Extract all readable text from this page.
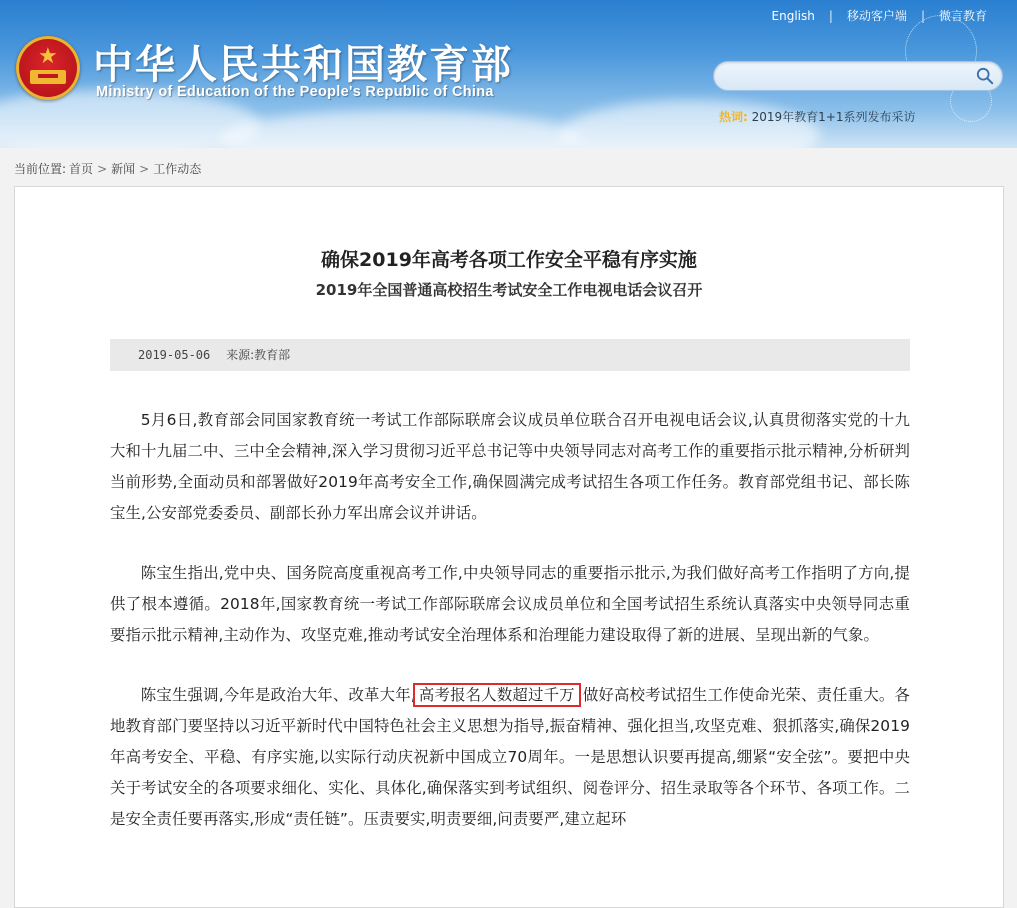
★ 中华人民共和国教育部
Ministry of Education of the People's Republic of China
English | 移动客户端 | 微言教育
热词: 2019年教育1+1系列发布采访
当前位置: 首页 > 新闻 > 工作动态
确保2019年高考各项工作安全平稳有序实施
2019年全国普通高校招生考试安全工作电视电话会议召开
2019-05-06 来源:教育部

5月6日,教育部会同国家教育统一考试工作部际联席会议成员单位联合召开电视电话会议,认真贯彻落实党的十九大和十九届二中、三中全会精神,深入学习贯彻习近平总书记等中央领导同志对高考工作的重要指示批示精神,分析研判当前形势,全面动员和部署做好2019年高考安全工作,确保圆满完成考试招生各项工作任务。教育部党组书记、部长陈宝生,公安部党委委员、副部长孙力军出席会议并讲话。

陈宝生指出,党中央、国务院高度重视高考工作,中央领导同志的重要指示批示,为我们做好高考工作指明了方向,提供了根本遵循。2018年,国家教育统一考试工作部际联席会议成员单位和全国考试招生系统认真落实中央领导同志重要指示批示精神,主动作为、攻坚克难,推动考试安全治理体系和治理能力建设取得了新的进展、呈现出新的气象。

陈宝生强调,今年是政治大年、改革大年, 高考报名人数超过千万 ,做好高校考试招生工作使命光荣、责任重大。各地教育部门要坚持以习近平新时代中国特色社会主义思想为指导,振奋精神、强化担当,攻坚克难、狠抓落实,确保2019年高考安全、平稳、有序实施,以实际行动庆祝新中国成立70周年。一是思想认识要再提高,绷紧“安全弦”。要把中央关于考试安全的各项要求细化、实化、具体化,确保落实到考试组织、阅卷评分、招生录取等各个环节、各项工作。二是安全责任要再落实,形成“责任链”。压责要实,明责要细,问责要严,建立起环
